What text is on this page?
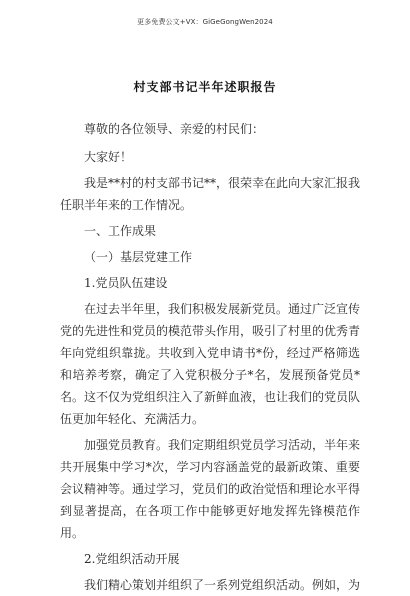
更多免费公文+VX：GiGeGongWen2024
村支部书记半年述职报告

尊敬的各位领导、亲爱的村民们：

大家好！

我是**村的村支部书记**，很荣幸在此向大家汇报我任职半年来的工作情况。

一、工作成果

（一）基层党建工作

1.党员队伍建设

在过去半年里，我们积极发展新党员。通过广泛宣传党的先进性和党员的模范带头作用，吸引了村里的优秀青年向党组织靠拢。共收到入党申请书*份，经过严格筛选和培养考察，确定了入党积极分子*名，发展预备党员*名。这不仅为党组织注入了新鲜血液，也让我们的党员队伍更加年轻化、充满活力。

加强党员教育。我们定期组织党员学习活动，半年来共开展集中学习*次，学习内容涵盖党的最新政策、重要会议精神等。通过学习，党员们的政治觉悟和理论水平得到显著提高，在各项工作中能够更好地发挥先锋模范作用。

2.党组织活动开展

我们精心策划并组织了一系列党组织活动。例如，为
